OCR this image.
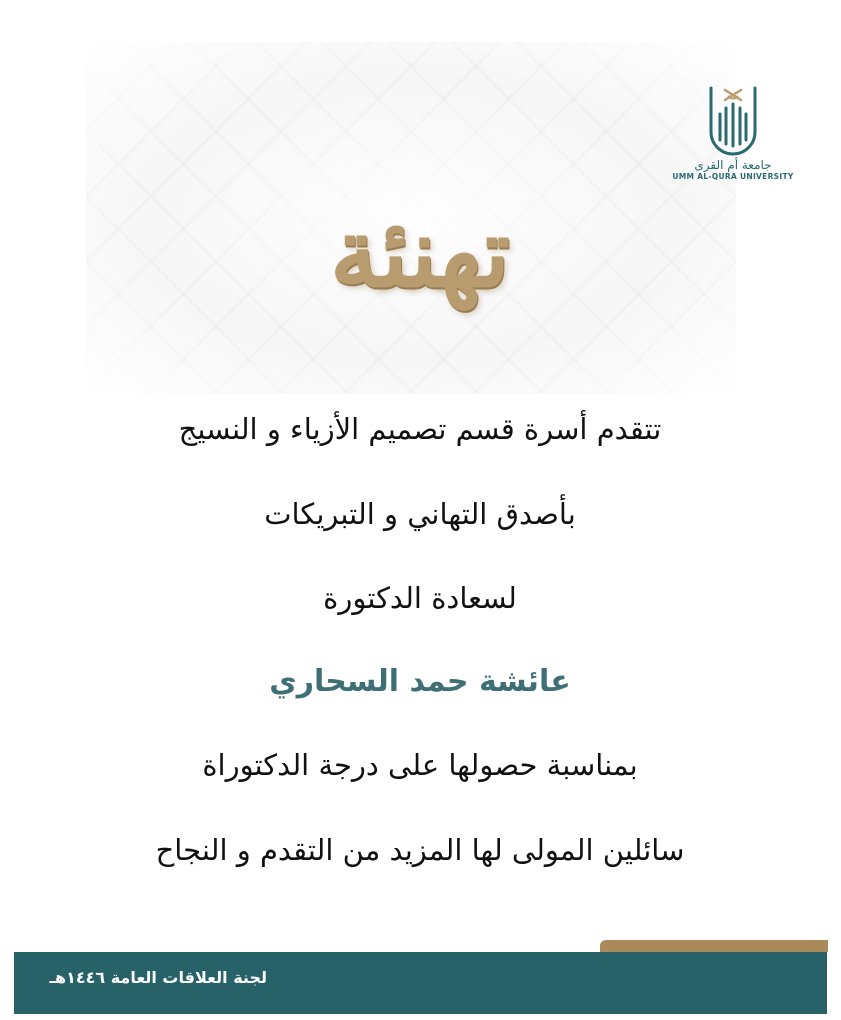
جامعة أم القرى
UMM AL-QURA UNIVERSITY
تهنئة
تتقدم أسرة قسم تصميم الأزياء و النسيج
بأصدق التهاني و التبريكات
لسعادة الدكتورة
عائشة حمد السحاري
بمناسبة حصولها على درجة الدكتوراة
سائلين المولى لها المزيد من التقدم و النجاح
لجنة العلاقات العامة ١٤٤٦هـ
